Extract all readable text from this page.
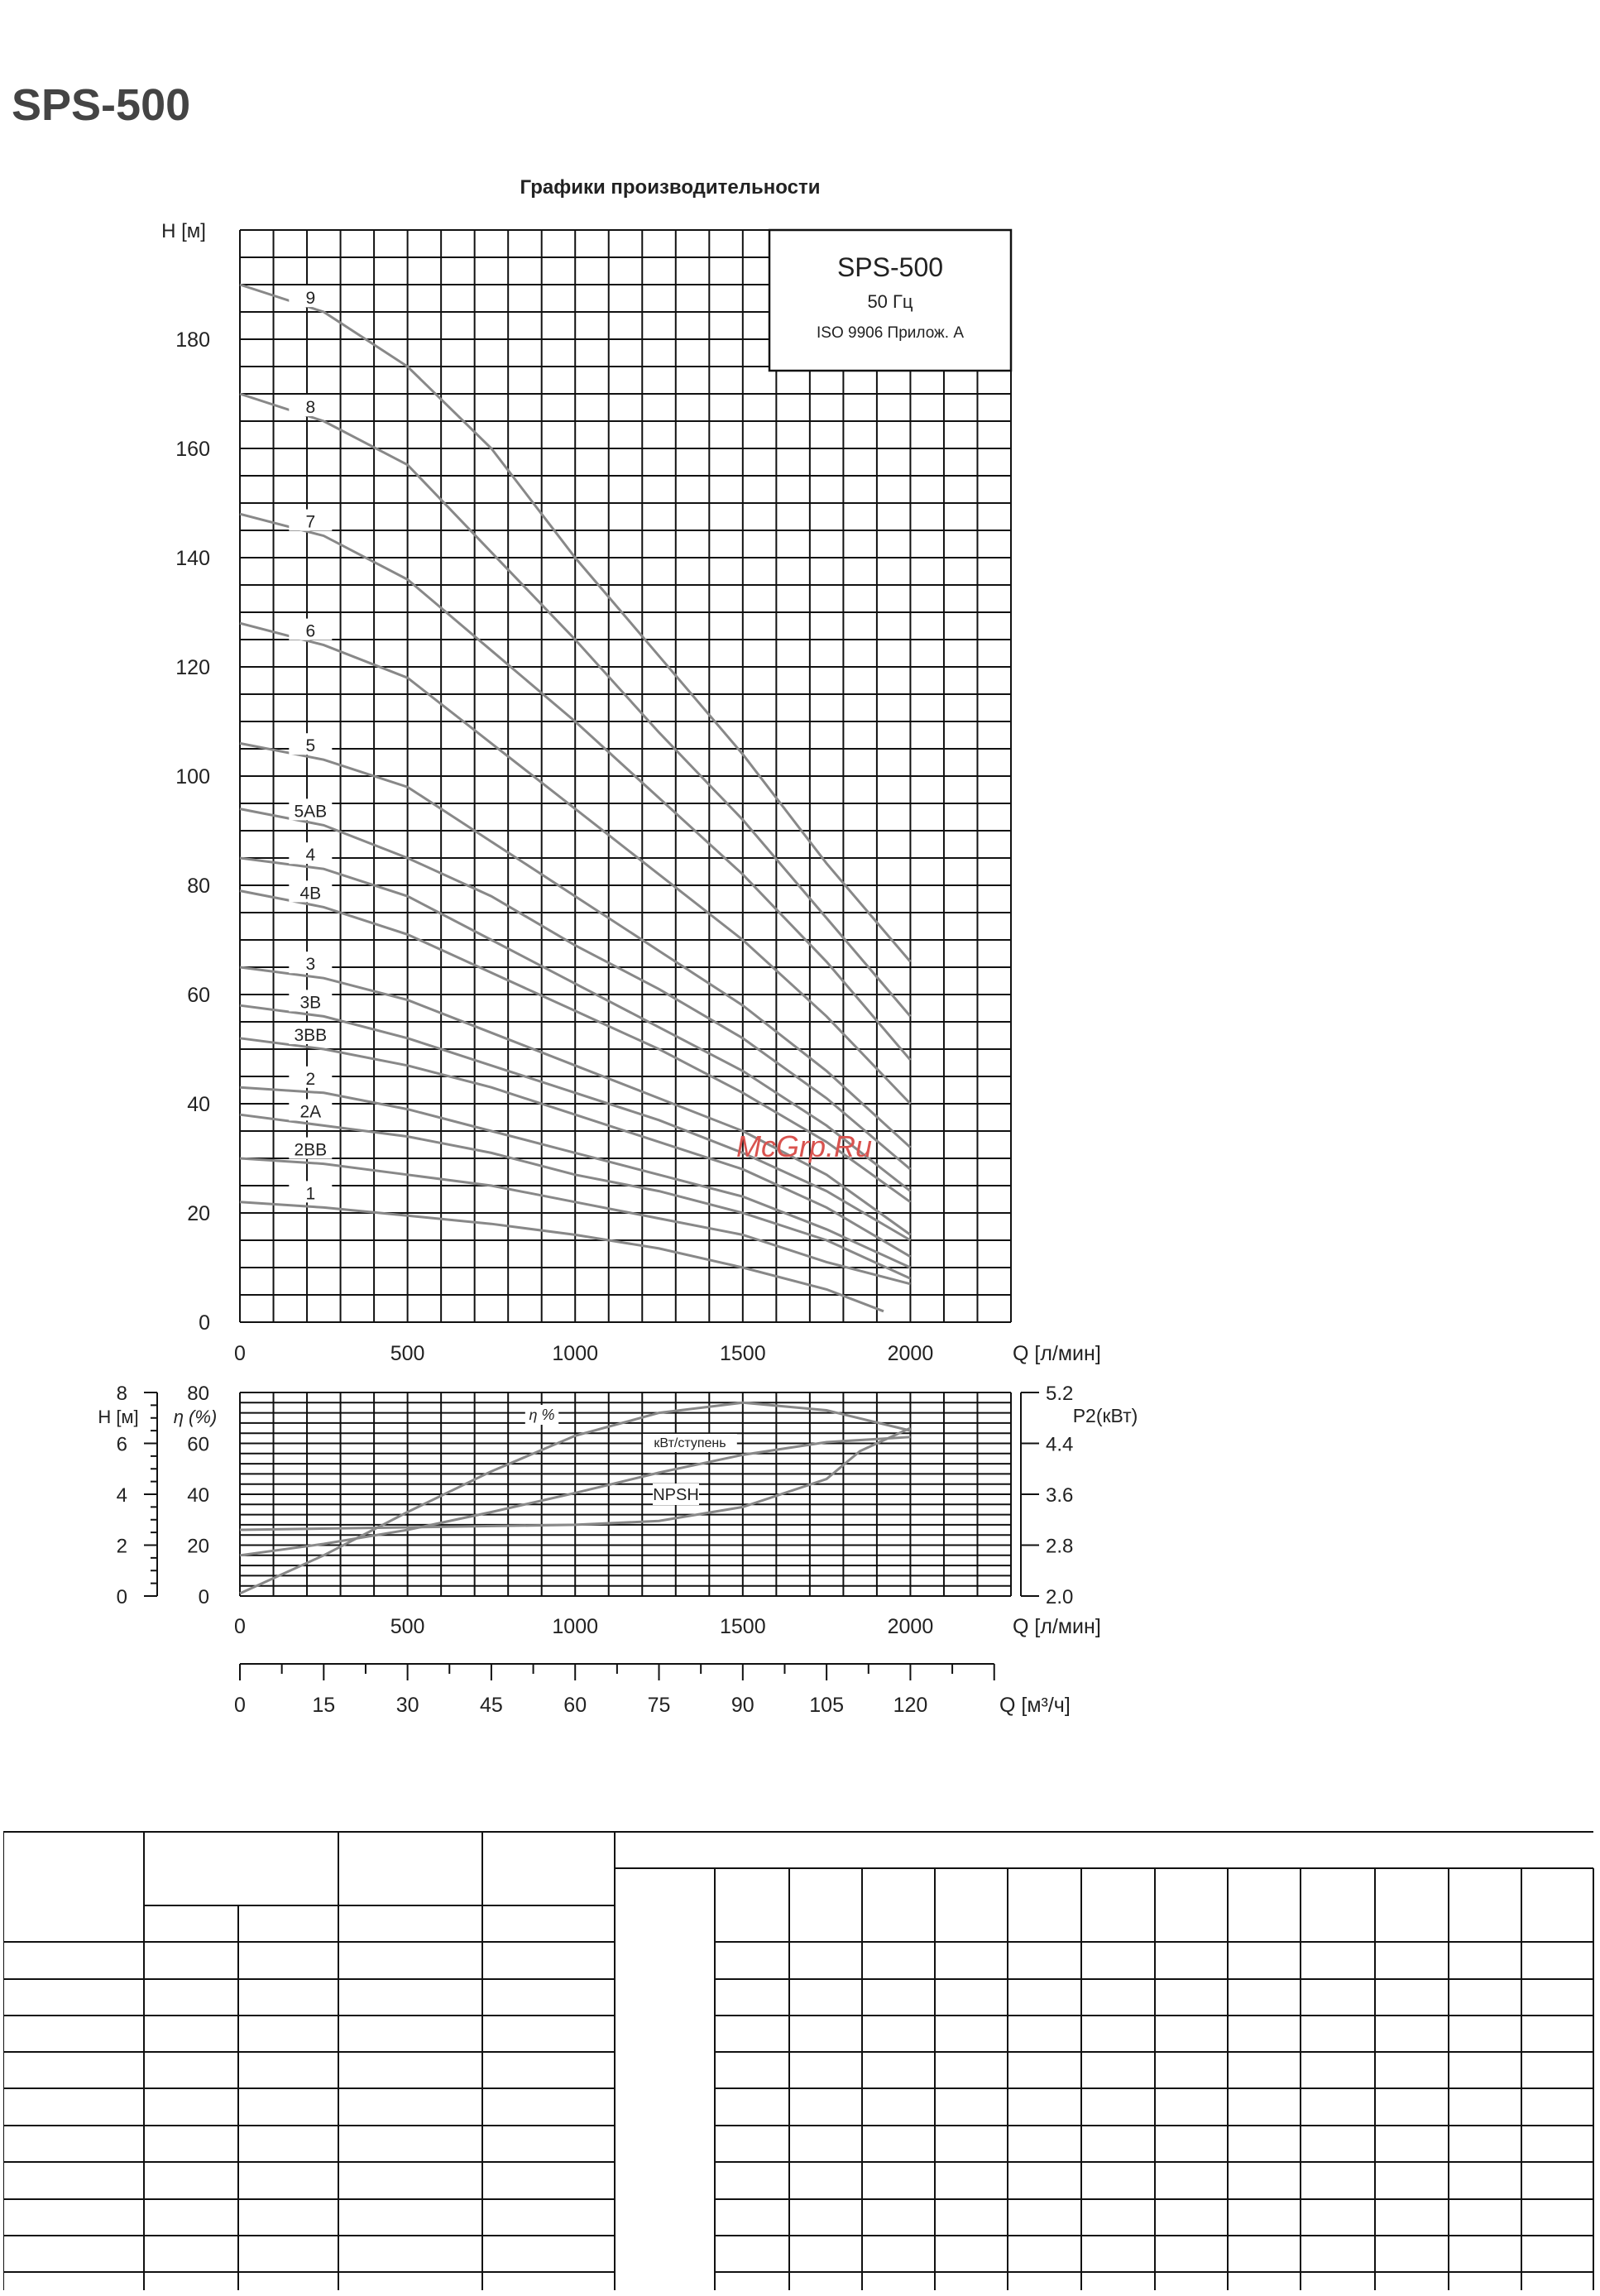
SPS-500
Графики производительности
9
8
7
6
5
5AB
4
4B
3
3B
3BB
2
2A
2BB
1
0	500	1000	1500	2000
0
20
40
60
80
100
120
140
160
180
H [м]
Q [л/мин]
SPS-500
50 Гц
ISO 9906 Прилож. А
η %
кВт/ступень
NPSH
0	500	1000	1500	2000	Q [л/мин]
0
20
40
60
80
0
2
4
6
8
H [м] η (%)
2.0
2.8
3.6
4.4
5.2
P2(кВт)
0	15	30	45	60	75	90	105 120	Q [м³/ч]
McGrp.Ru
